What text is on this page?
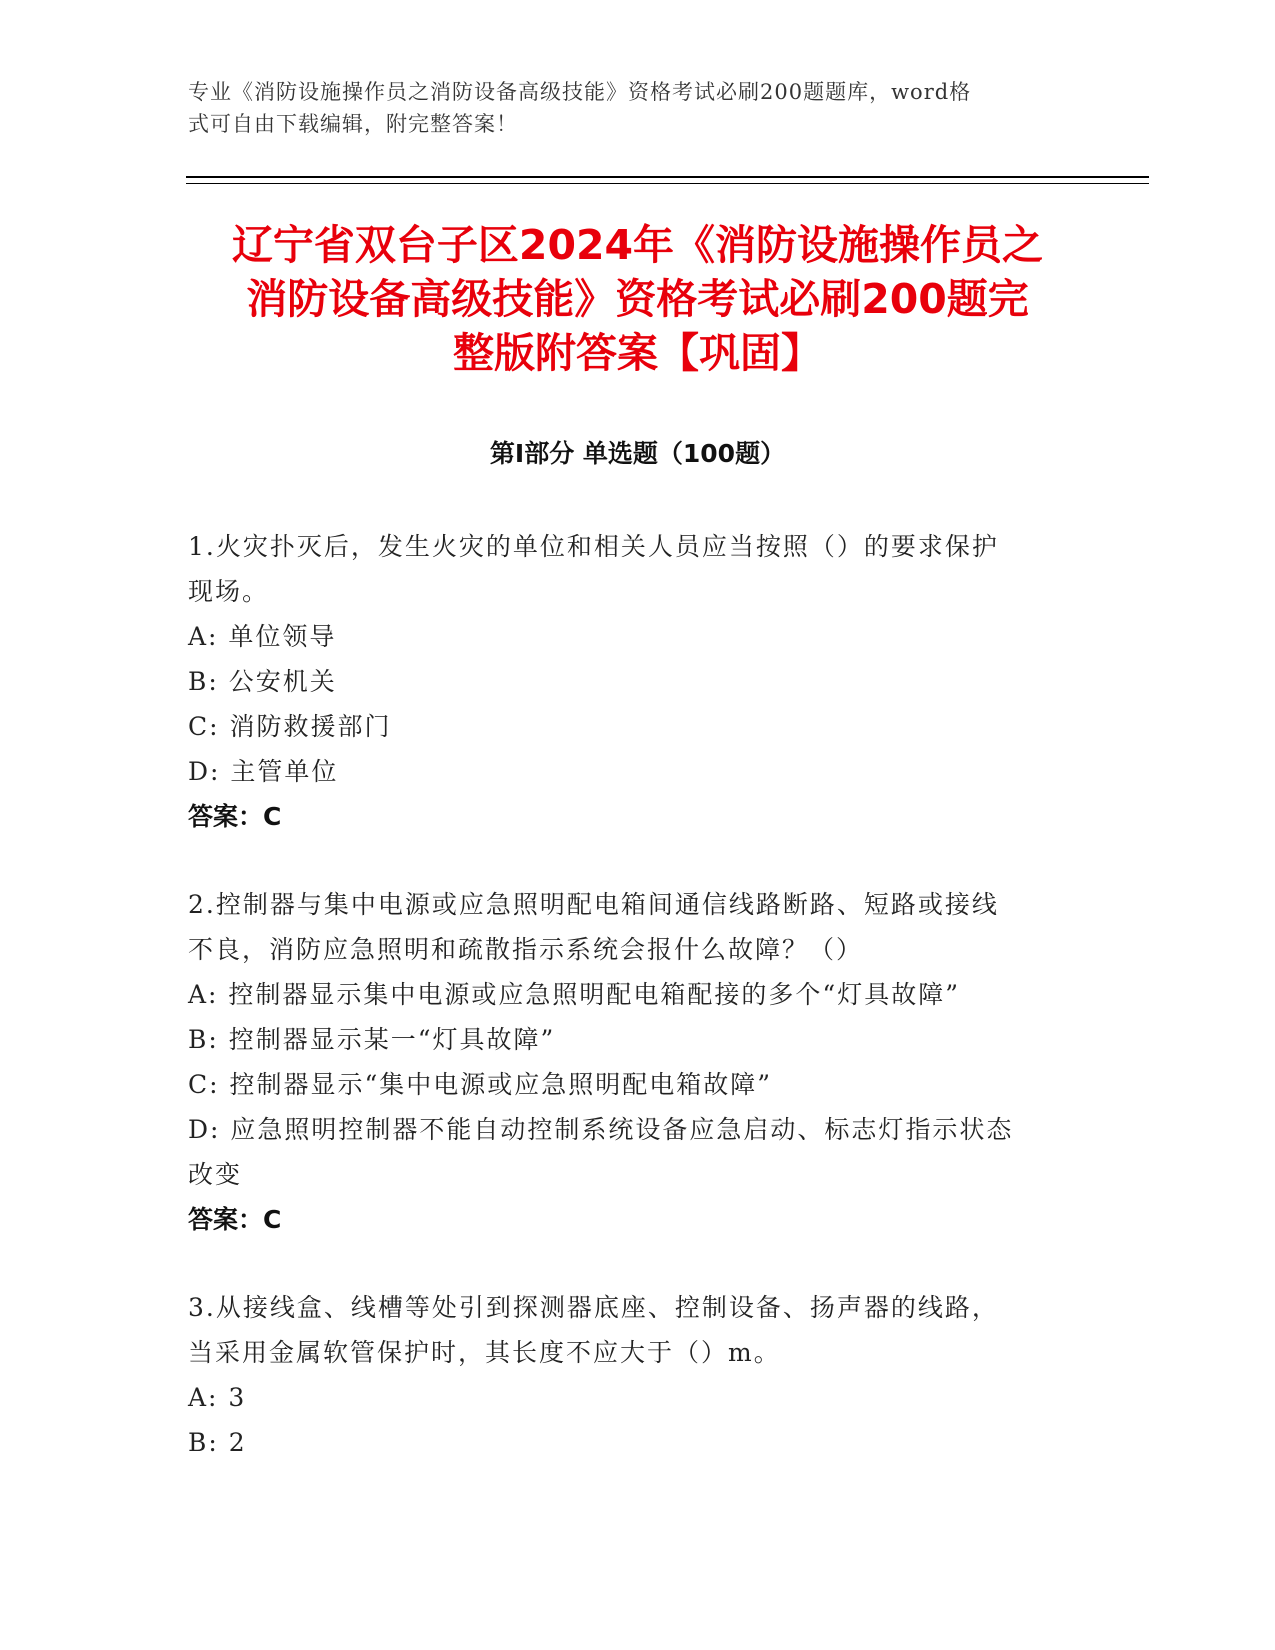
专业《消防设施操作员之消防设备高级技能》资格考试必刷200题题库，word格
式可自由下载编辑，附完整答案！
辽宁省双台子区2024年《消防设施操作员之
消防设备高级技能》资格考试必刷200题完
整版附答案【巩固】
第Ⅰ部分 单选题（100题）
1.火灾扑灭后，发生火灾的单位和相关人员应当按照（）的要求保护
现场。
A: 单位领导
B: 公安机关
C: 消防救援部门
D: 主管单位
答案：C
2.控制器与集中电源或应急照明配电箱间通信线路断路、短路或接线
不良，消防应急照明和疏散指示系统会报什么故障？（）
A: 控制器显示集中电源或应急照明配电箱配接的多个“灯具故障”
B: 控制器显示某一“灯具故障”
C: 控制器显示“集中电源或应急照明配电箱故障”
D: 应急照明控制器不能自动控制系统设备应急启动、标志灯指示状态
改变
答案：C
3.从接线盒、线槽等处引到探测器底座、控制设备、扬声器的线路，
当采用金属软管保护时，其长度不应大于（）m。
A: 3
B: 2
